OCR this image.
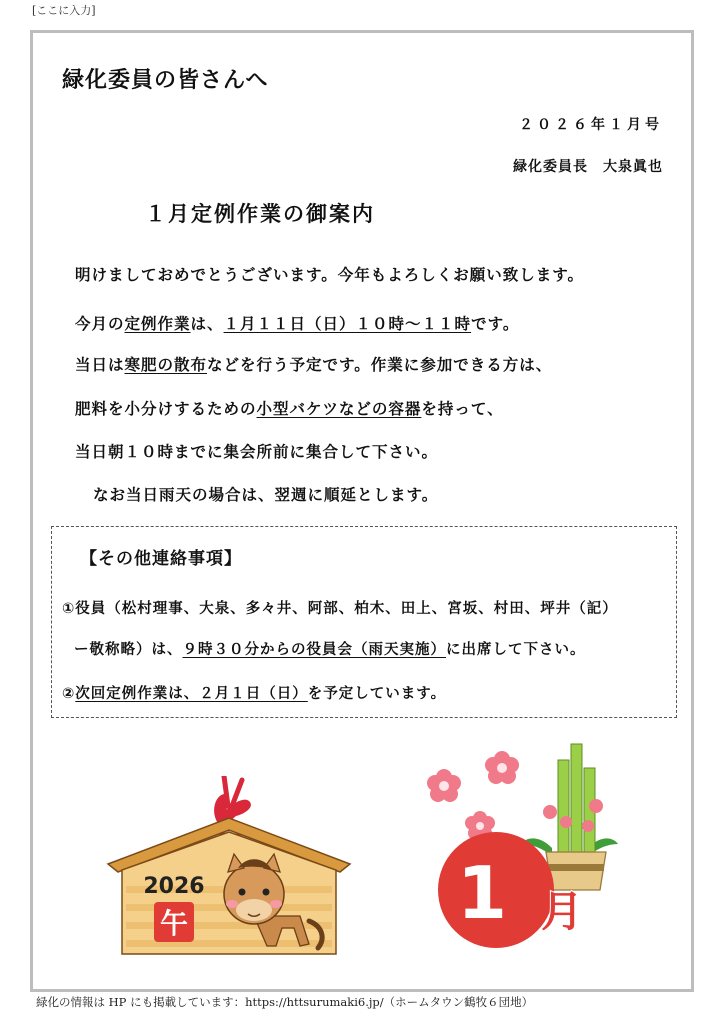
[ここに入力]
緑化委員の皆さんへ
２０２６年１月号
緑化委員長　大泉眞也
１月定例作業の御案内
明けましておめでとうございます。今年もよろしくお願い致します。
今月の定例作業は、１月１１日（日）１０時～１１時です。
当日は寒肥の散布などを行う予定です。作業に参加できる方は、
肥料を小分けするための小型バケツなどの容器を持って、
当日朝１０時までに集会所前に集合して下さい。
なお当日雨天の場合は、翌週に順延とします。
【その他連絡事項】
①役員（松村理事、大泉、多々井、阿部、柏木、田上、宮坂、村田、坪井（記）
ー敬称略）は、９時３０分からの役員会（雨天実施）に出席して下さい。
②次回定例作業は、２月１日（日）を予定しています。
2026
午	1 月
緑化の情報は HP にも掲載しています：https://httsurumaki6.jp/（ホームタウン鶴牧６団地）
